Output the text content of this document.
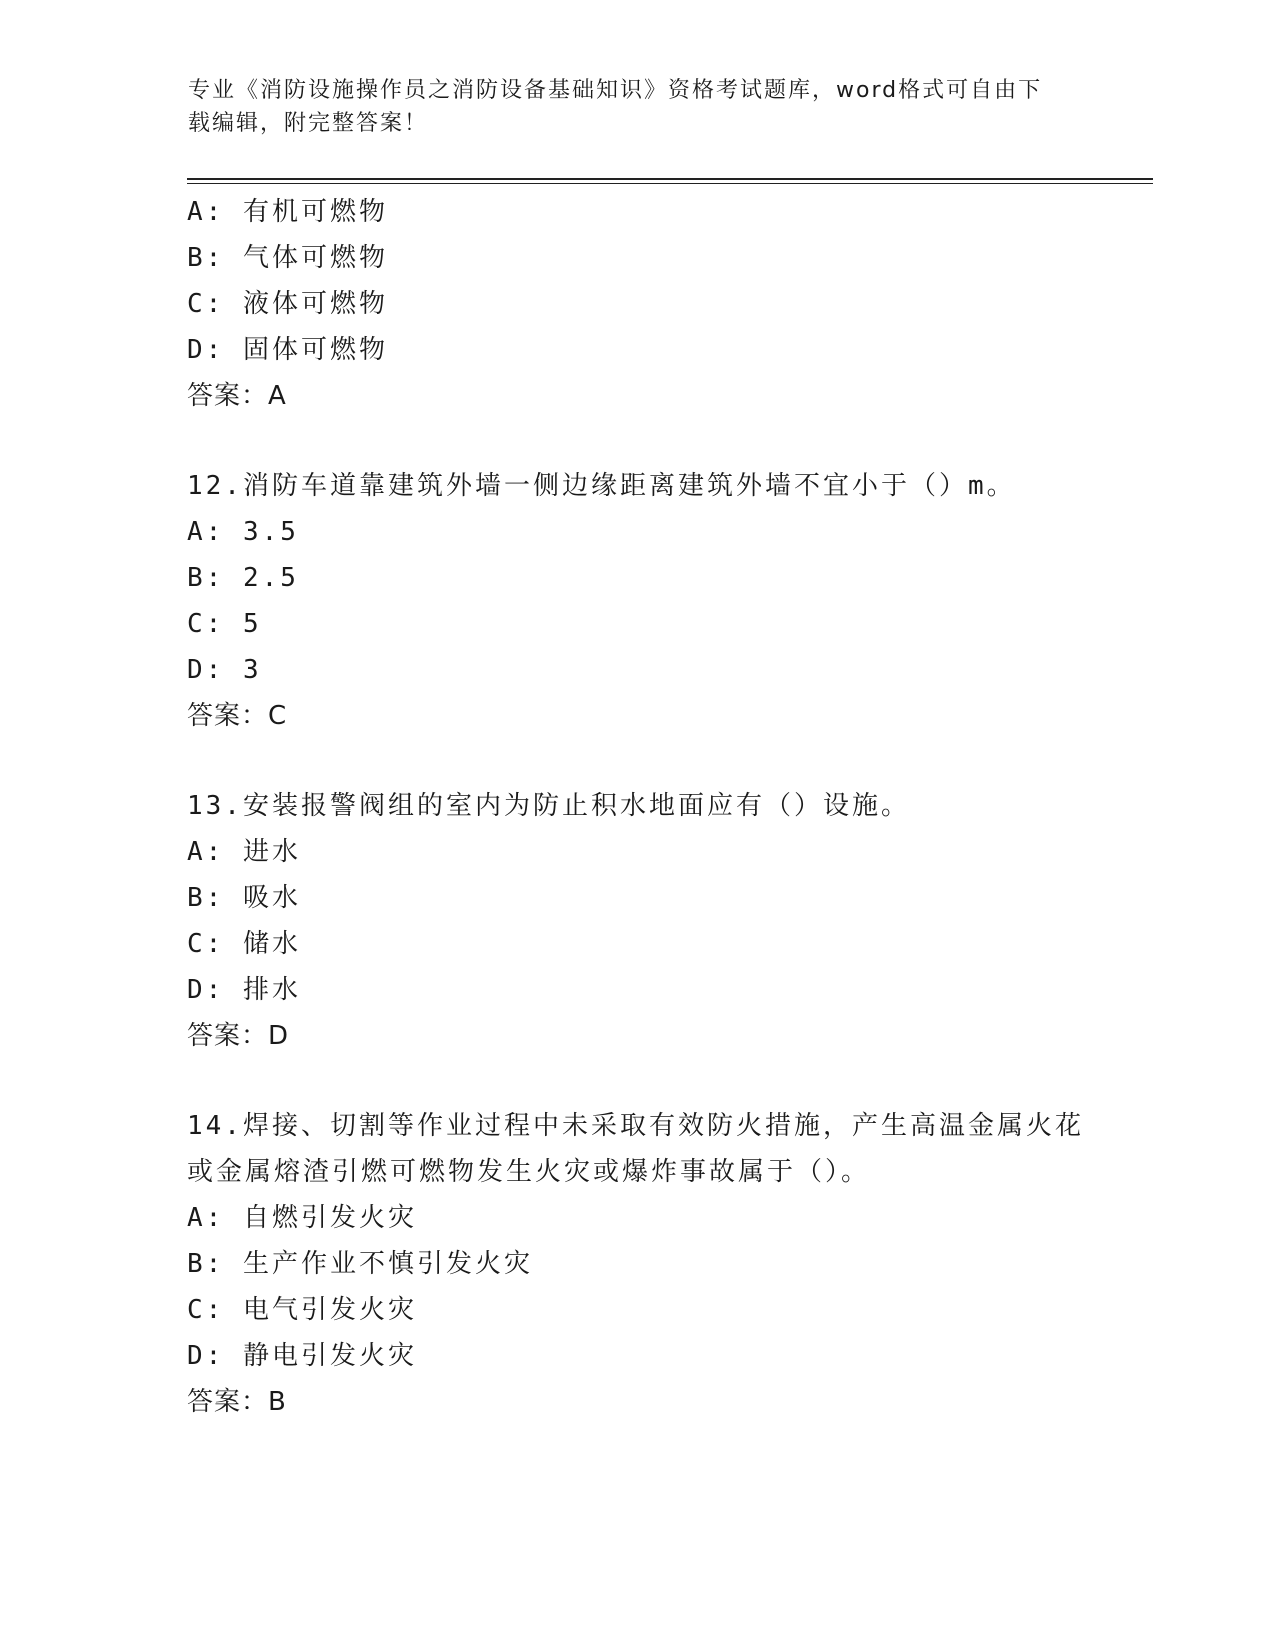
专业《消防设施操作员之消防设备基础知识》资格考试题库，word格式可自由下
载编辑，附完整答案！
A: 有机可燃物
B: 气体可燃物
C: 液体可燃物
D: 固体可燃物
答案：A
12.消防车道靠建筑外墙一侧边缘距离建筑外墙不宜小于（）m。
A: 3.5
B: 2.5
C: 5
D: 3
答案：C
13.安装报警阀组的室内为防止积水地面应有（）设施。
A: 进水
B: 吸水
C: 储水
D: 排水
答案：D
14.焊接、切割等作业过程中未采取有效防火措施，产生高温金属火花
或金属熔渣引燃可燃物发生火灾或爆炸事故属于（）。
A: 自燃引发火灾
B: 生产作业不慎引发火灾
C: 电气引发火灾
D: 静电引发火灾
答案：B
